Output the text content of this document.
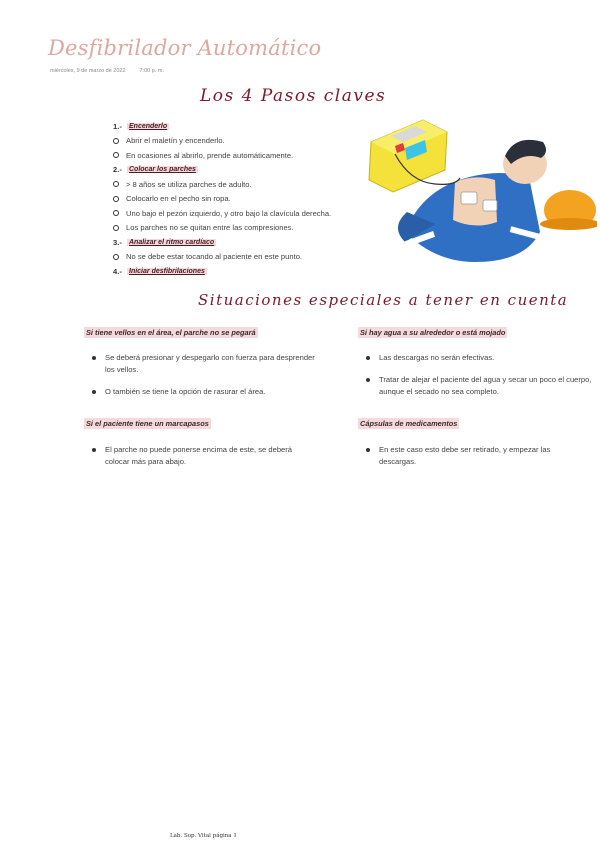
Desfibrilador Automático
miércoles, 9 de marzo de 2022	7:00 p. m.
Los 4 Pasos claves
1.-	Encenderlo
Abrir el maletín y encenderlo.
En ocasiones al abrirlo, prende automáticamente.
2.-	Colocar los parches
> 8 años se utiliza parches de adulto.
Colocarlo en el pecho sin ropa.
Uno bajo el pezón izquierdo, y otro bajo la clavícula derecha.
Los parches no se quitan entre las compresiones.
3.-	Analizar el ritmo cardíaco
No se debe estar tocando al paciente en este punto.
4.-	Iniciar desfibrilaciones
Situaciones especiales a tener en cuenta
Si tiene vellos en el área, el parche no se pegará
Se deberá presionar y despegarlo con fuerza para desprender los vellos.
O también se tiene la opción de rasurar el área.
Si hay agua a su alrededor o está mojado
Las descargas no serán efectivas.
Tratar de alejar el paciente del agua y secar un poco el cuerpo, aunque el secado no sea completo.
Si el paciente tiene un marcapasos
El parche no puede ponerse encima de este, se deberá colocar más para abajo.
Cápsulas de medicamentos
En este caso esto debe ser retirado, y empezar las descargas.
Lab. Sop. Vital página 1
